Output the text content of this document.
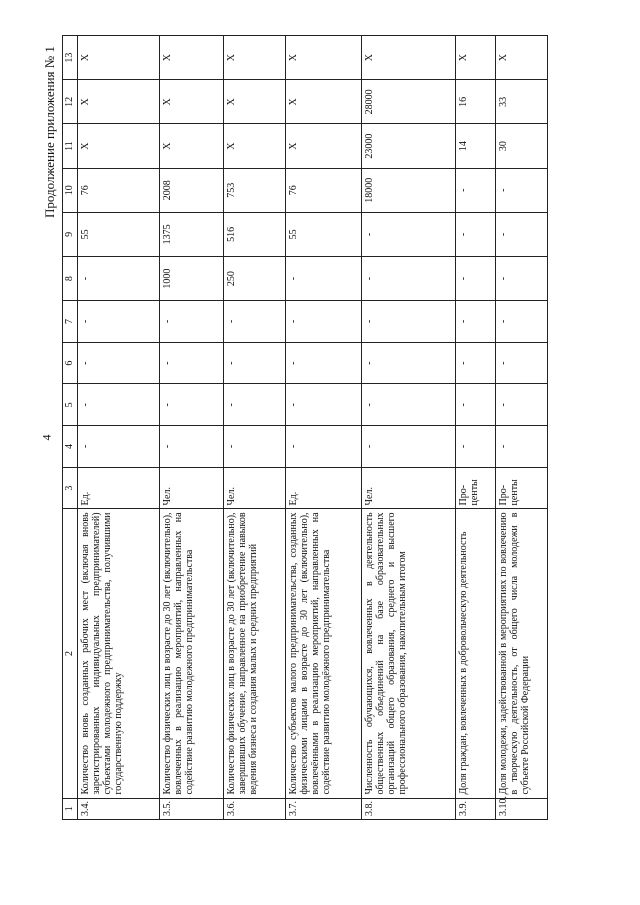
4
Продолжение приложения № 1
1	2	3	4	5	6	7	8	9	10	11	12	13
3.4.	Количество вновь созданных рабочих мест (включая вновь зарегистрированных индивидуальных предпринимателей) субъектами молодежного предпринимательства, получившими государственную поддержку	Ед.	-	-	-	-	-	55	76	Х	Х	Х
3.5.	Количество физических лиц в возрасте до 30 лет (включительно), вовлеченных в реализацию мероприятий, направленных на содействие развитию молодежного предпринимательства	Чел.	-	-	-	-	1000	1375	2008	Х	Х	Х
3.6.	Количество физических лиц в возрасте до 30 лет (включительно), завершивших обучение, направленное на приобретение навыков ведения бизнеса и создания малых и средних предприятий	Чел.	-	-	-	-	250	516	753	Х	Х	Х
3.7.	Количество субъектов малого предпринимательства, созданных физическими лицами в возрасте до 30 лет (включительно), вовлечёнными в реализацию мероприятий, направленных на содействие развитию молодёжного предпринимательства	Ед.	-	-	-	-	-	55	76	Х	Х	Х
3.8.	Численность обучающихся, вовлеченных в деятельность общественных объединений на базе образовательных организаций общего образования, среднего и высшего профессионального образования, накопительным итогом	Чел.	-	-	-	-	-	-	18000	23000	28000	Х
3.9.	Доля граждан, вовлеченных в добровольческую деятельность	Про-центы	-	-	-	-	-	-	-	14	16	Х
3.10.	Доля молодежи, задействованной в мероприятиях по вовлечению в творческую деятельность, от общего числа молодежи в субъекте Российской Федерации	Про-центы	-	-	-	-	-	-	-	30	33	Х
